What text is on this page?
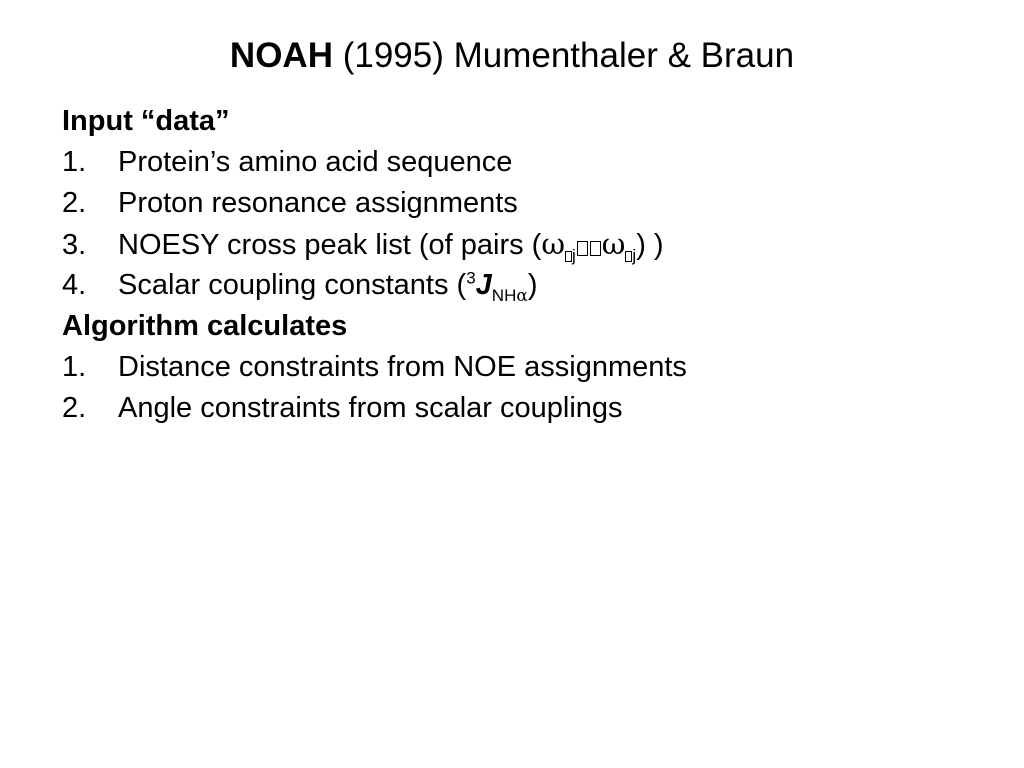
NOAH (1995) Mumenthaler & Braun
Input “data”
1. Protein’s amino acid sequence
2. Proton resonance assignments
3. NOESY cross peak list (of pairs (ω $_j$ ω $_j$) )
4. Scalar coupling constants $(^3J_{NH\alpha})$
Algorithm calculates
1. Distance constraints from NOE assignments
2. Angle constraints from scalar couplings
